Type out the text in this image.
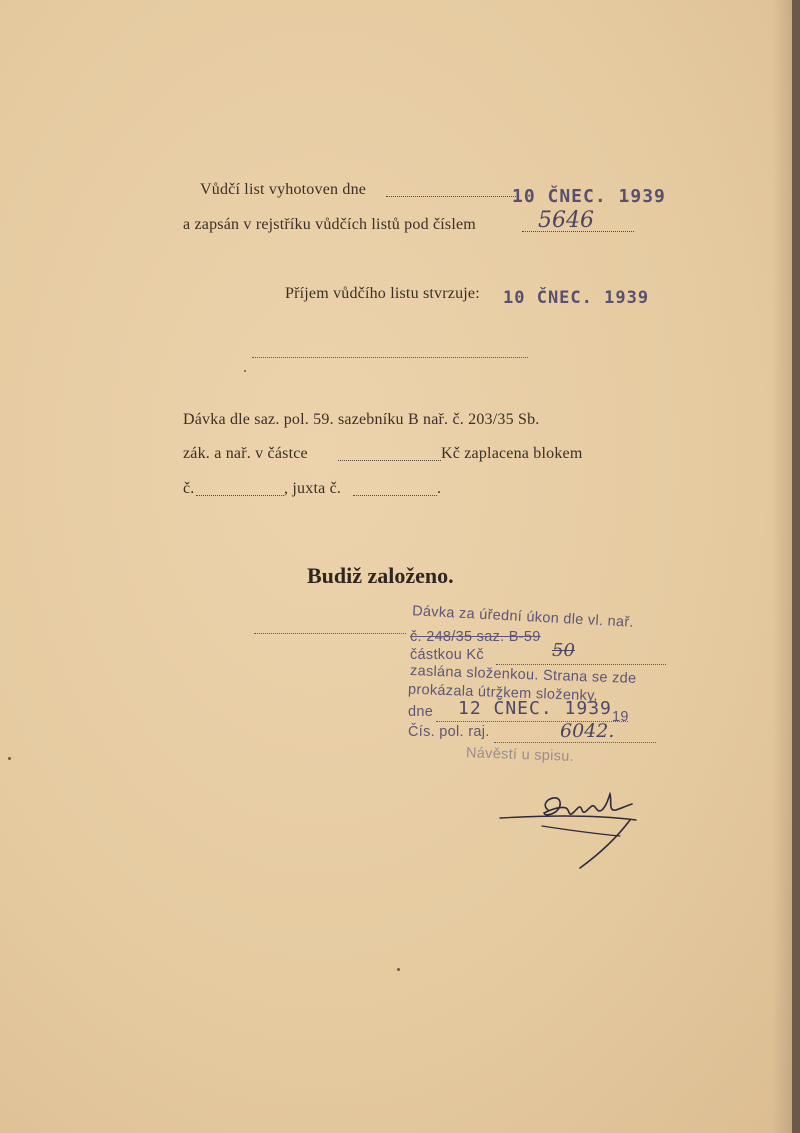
Vůdčí list vyhotoven dne	10 ČNEC. 1939
a zapsán v rejstříku vůdčích listů pod číslem	5646
Příjem vůdčího listu stvrzuje: 10 ČNEC. 1939
Dávka dle saz. pol. 59. sazebníku B nař. č. 203/35 Sb.
zák. a nař. v částce	Kč zaplacena blokem
č.	, juxta č.	.
Budiž založeno.
Dávka za úřední úkon dle vl. nař.
č. 248/35 saz. B-59
částkou Kč	50
zaslána složenkou. Strana se zde
prokázala útržkem složenky,
dne 12 ČNEC. 1939 19
Čís. pol. raj.	6042.
Návěstí u spisu.
